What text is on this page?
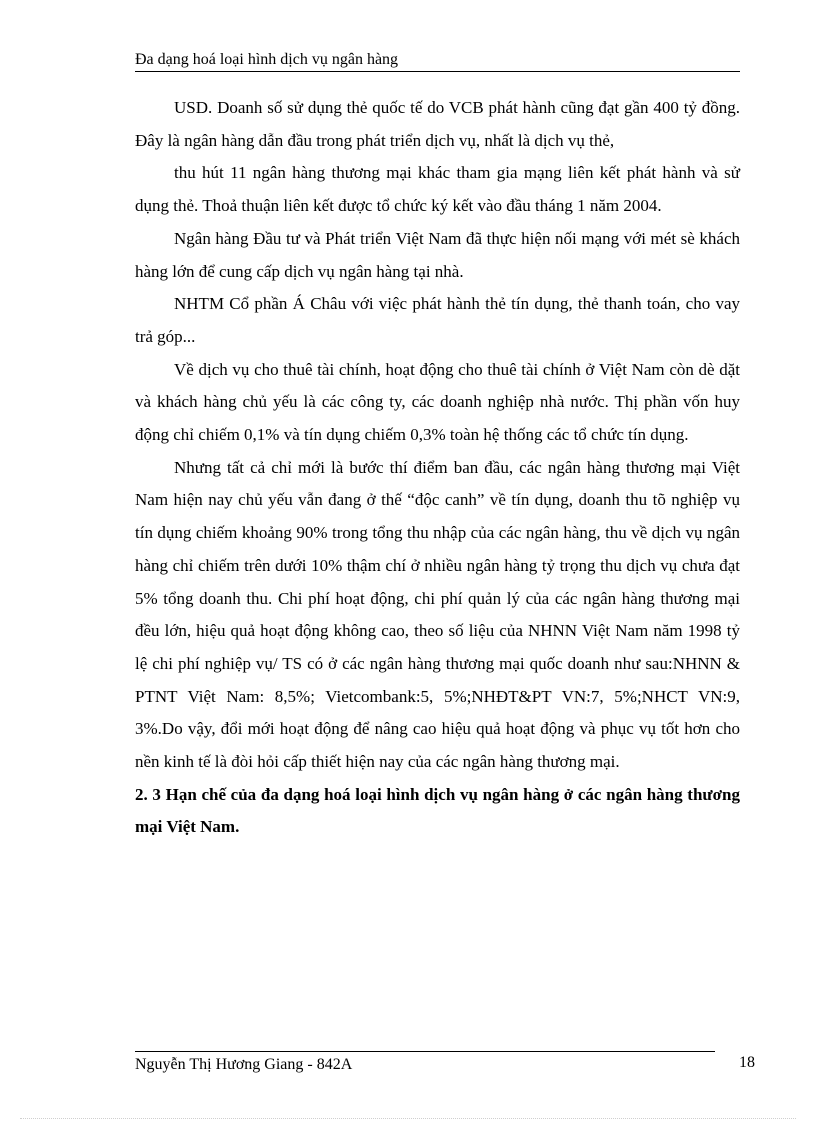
Đa dạng hoá loại hình dịch vụ ngân hàng

USD. Doanh số sử dụng thẻ quốc tế do VCB phát hành cũng đạt gần 400 tỷ đồng. Đây là ngân hàng dẫn đầu trong phát triển dịch vụ, nhất là dịch vụ thẻ,

thu hút 11 ngân hàng thương mại khác tham gia mạng liên kết phát hành và sử dụng thẻ. Thoả thuận liên kết được tổ chức ký kết vào đầu tháng 1 năm 2004.

Ngân hàng Đầu tư và Phát triển Việt Nam đã thực hiện nối mạng với mét sè khách hàng lớn để cung cấp dịch vụ ngân hàng tại nhà.

NHTM Cổ phần Á Châu với việc phát hành thẻ tín dụng, thẻ thanh toán, cho vay trả góp...

Về dịch vụ cho thuê tài chính, hoạt động cho thuê tài chính ở Việt Nam còn dè dặt và khách hàng chủ yếu là các công ty, các doanh nghiệp nhà nước. Thị phần vốn huy động chỉ chiếm 0,1% và tín dụng chiếm 0,3% toàn hệ thống các tổ chức tín dụng.

Nhưng tất cả chỉ mới là bước thí điểm ban đầu, các ngân hàng thương mại Việt Nam hiện nay chủ yếu vẫn đang ở thế “độc canh” về tín dụng, doanh thu tõ nghiệp vụ tín dụng chiếm khoảng 90% trong tổng thu nhập của các ngân hàng, thu về dịch vụ ngân hàng chỉ chiếm trên dưới 10% thậm chí ở nhiều ngân hàng tỷ trọng thu dịch vụ chưa đạt 5% tổng doanh thu. Chi phí hoạt động, chi phí quản lý của các ngân hàng thương mại đều lớn, hiệu quả hoạt động không cao, theo số liệu của NHNN Việt Nam năm 1998 tỷ lệ chi phí nghiệp vụ/ TS có ở các ngân hàng thương mại quốc doanh như sau:NHNN & PTNT Việt Nam: 8,5%; Vietcombank:5, 5%;NHĐT&PT VN:7, 5%;NHCT VN:9, 3%.Do vậy, đổi mới hoạt động để nâng cao hiệu quả hoạt động và phục vụ tốt hơn cho nền kinh tế là đòi hỏi cấp thiết hiện nay của các ngân hàng thương mại.

2. 3 Hạn chế của đa dạng hoá loại hình dịch vụ ngân hàng ở các ngân hàng thương mại Việt Nam.

Nguyễn Thị Hương Giang - 842A	18
